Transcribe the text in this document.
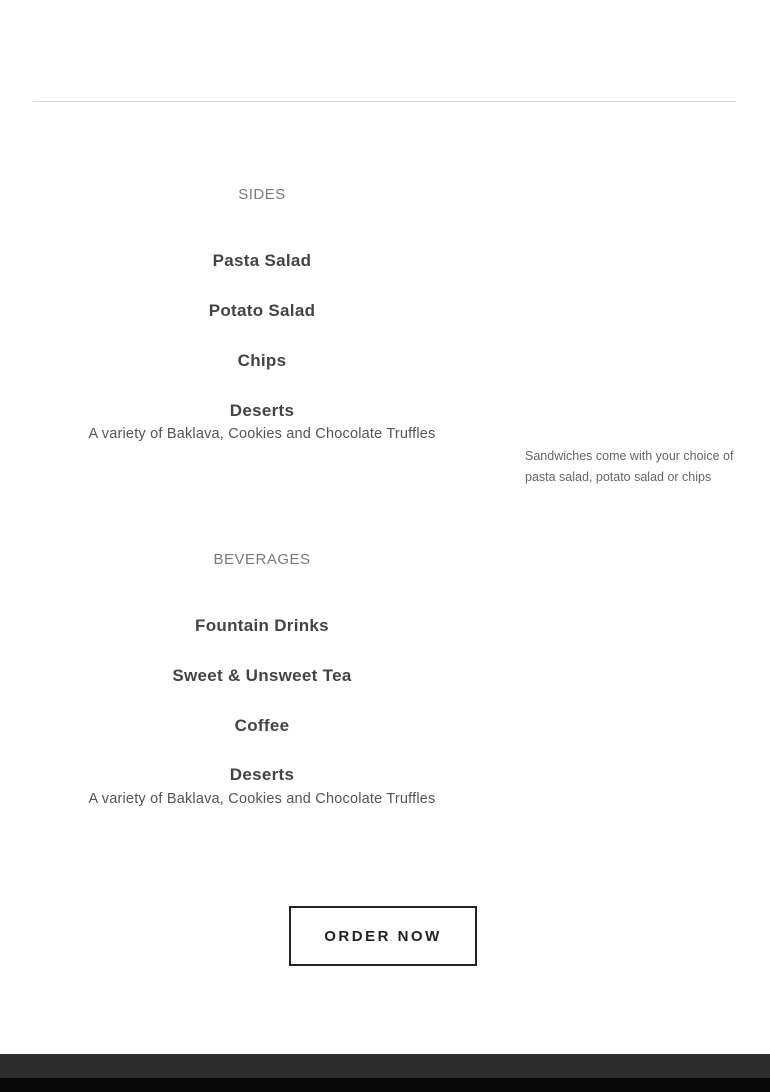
SIDES
Pasta Salad
Potato Salad
Chips
Deserts
A variety of Baklava, Cookies and Chocolate Truffles
Sandwiches come with your choice of pasta salad, potato salad or chips
BEVERAGES
Fountain Drinks
Sweet & Unsweet Tea
Coffee
Deserts
A variety of Baklava, Cookies and Chocolate Truffles
ORDER NOW
